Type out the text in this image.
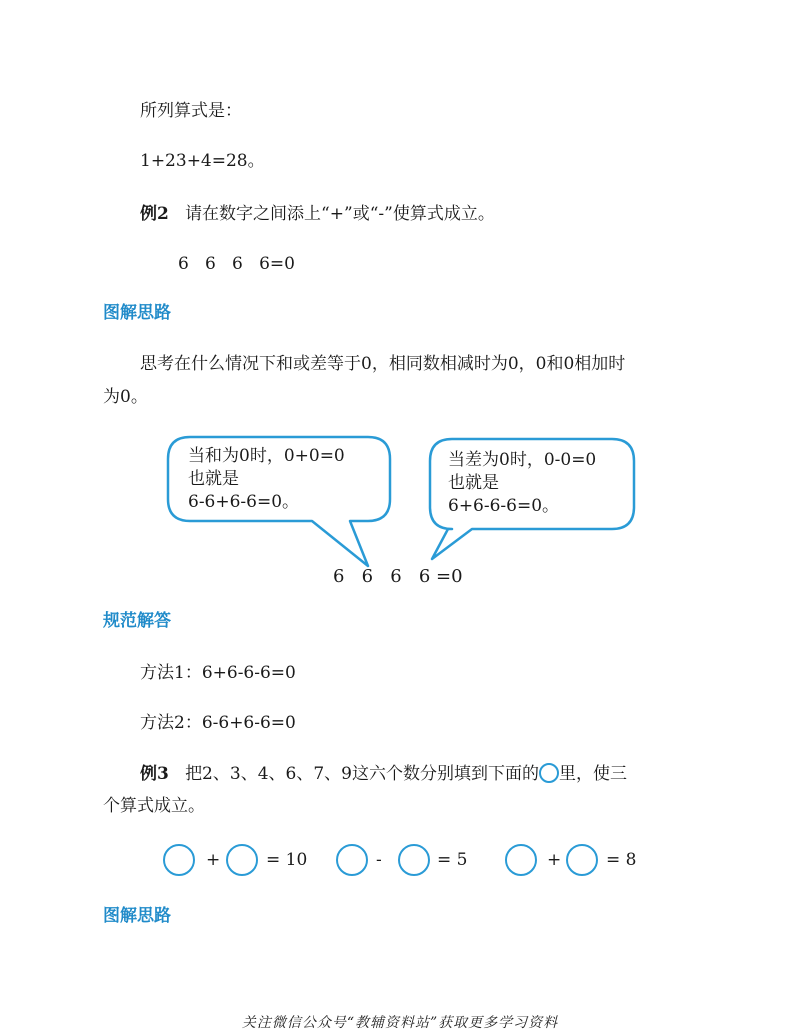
所列算式是：
1+23+4=28。
例2 请在数字之间添上“+”或“-”使算式成立。
6   6   6   6=0
图解思路
思考在什么情况下和或差等于0，相同数相减时为0，0和0相加时
为0。
当和为0时，0+0=0
也就是
6-6+6-6=0。
当差为0时，0-0=0
也就是
6+6-6-6=0。
6   6   6   6 =0
规范解答
方法1：6+6-6-6=0
方法2：6-6+6-6=0
例3 把2、3、4、6、7、9这六个数分别填到下面的 里，使三
个算式成立。
+	= 10	-	= 5	+	= 8
图解思路
关注微信公众号“教辅资料站”获取更多学习资料
